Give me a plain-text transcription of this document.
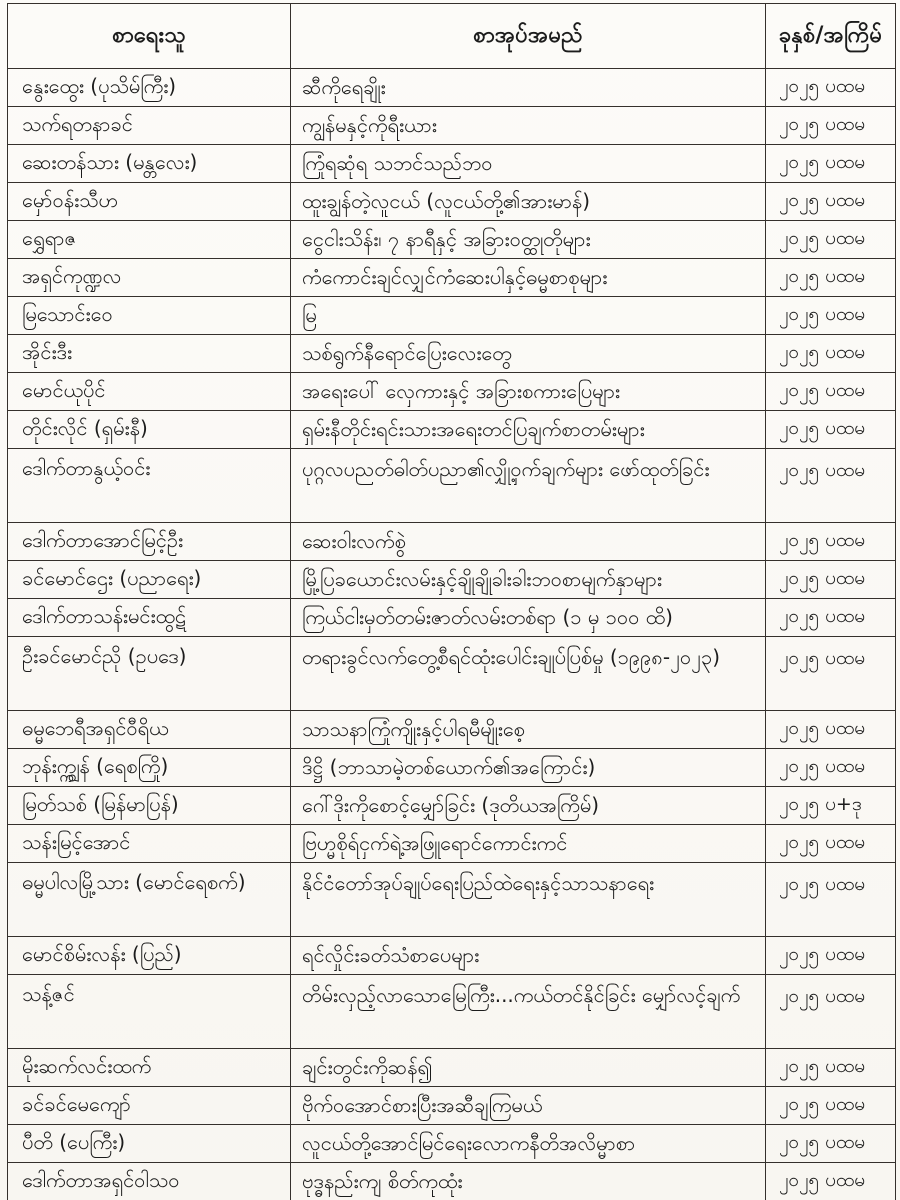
စာရေးသူ	စာအုပ်အမည်	ခုနှစ်/အကြိမ်
နွေးထွေး (ပုသိမ်ကြီး)	ဆီကိုရေချိုး	၂၀၂၅ ပထမ
သက်ရတနာခင်	ကျွန်မနှင့်ကိုရီးယား	၂၀၂၅ ပထမ
ဆေးတန်သား (မန္တလေး)	ကြုံရဆုံရ သဘင်သည်ဘဝ	၂၀၂၅ ပထမ
မှော်ဝန်းသီဟ	ထူးချွန်တဲ့လူငယ် (လူငယ်တို့၏အားမာန်)	၂၀၂၅ ပထမ
ရွှေရာဇ	ငွေငါးသိန်း၊ ၇ နာရီနှင့် အခြားဝတ္ထုတိုများ	၂၀၂၅ ပထမ
အရှင်ကုဏ္ဍလ	ကံကောင်းချင်လျှင်ကံဆေးပါနှင့်ဓမ္မစာစုများ	၂၀၂၅ ပထမ
မြသောင်းဝေ	မြ	၂၀၂၅ ပထမ
အိုင်းဒီး	သစ်ရွက်နီရောင်ပြေးလေးတွေ	၂၀၂၅ ပထမ
မောင်ယုပိုင်	အရေးပေါ် လှေကားနှင့် အခြားစကားပြေများ	၂၀၂၅ ပထမ
တိုင်းလိုင် (ရှမ်းနီ)	ရှမ်းနီတိုင်းရင်းသားအရေးတင်ပြချက်စာတမ်းများ	၂၀၂၅ ပထမ
ဒေါက်တာနွယ့်ဝင်း	ပုဂ္ဂလပညတ်ဓါတ်ပညာ၏လျှို့ဝှက်ချက်များ ဖော်ထုတ်ခြင်း	၂၀၂၅ ပထမ
ဒေါက်တာအောင်မြင့်ဦး	ဆေးဝါးလက်စွဲ	၂၀၂၅ ပထမ
ခင်မောင်ဌေး (ပညာရေး)	မြို့ပြခယောင်းလမ်းနှင့်ချိုချိုခါးခါးဘဝစာမျက်နှာများ	၂၀၂၅ ပထမ
ဒေါက်တာသန်းမင်းထွဋ်	ကြယ်ငါးမှတ်တမ်းဇာတ်လမ်းတစ်ရာ (၁ မှ ၁၀၀ ထိ)	၂၀၂၅ ပထမ
ဦးခင်မောင်ညို (ဥပဒေ)	တရားခွင်လက်တွေ့စီရင်ထုံးပေါင်းချုပ်ပြစ်မှု (၁၉၉၈-၂၀၂၃)	၂၀၂၅ ပထမ
ဓမ္မဘေရီအရှင်ဝီရိယ	သာသနာကြုံကျိုးနှင့်ပါရမီမျိုးစေ့	၂၀၂၅ ပထမ
ဘုန်းက္ကျွန် (ရေစကြို)	ဒိဋ္ဌိ (ဘာသာမဲ့တစ်ယောက်၏အကြောင်း)	၂၀၂၅ ပထမ
မြတ်သစ် (မြန်မာပြန်)	ဂေါ်ဒိုးကိုစောင့်မျှော်ခြင်း (ဒုတိယအကြိမ်)	၂၀၂၅ ပ+ဒု
သန်းမြင့်အောင်	ဗြဟ္မစိုရ်ငှက်ရဲ့အဖြူရောင်ကောင်းကင်	၂၀၂၅ ပထမ
ဓမ္မပါလမြို့သား (မောင်ရေစက်)	နိုင်ငံတော်အုပ်ချုပ်ရေးပြည်ထဲရေးနှင့်သာသနာရေး	၂၀၂၅ ပထမ
မောင်စိမ်းလန်း (ပြည်)	ရင်လှိုင်းခတ်သံစာပေများ	၂၀၂၅ ပထမ
သန့်ဇင်	တိမ်းလှည့်လာသောမြေကြီး...ကယ်တင်နိုင်ခြင်း မျှော်လင့်ချက်	၂၀၂၅ ပထမ
မိုးဆက်လင်းထက်	ချင်းတွင်းကိုဆန်၍	၂၀၂၅ ပထမ
ခင်ခင်မေကျော်	ဗိုက်ဝအောင်စားပြီးအဆီချကြမယ်	၂၀၂၅ ပထမ
ပီတိ (ပေကြီး)	လူငယ်တို့အောင်မြင်ရေးလောကနီတိအလိမ္မာစာ	၂၀၂၅ ပထမ
ဒေါက်တာအရှင်ဝါသဝ	ဗုဒ္ဓနည်းကျ စိတ်ကုထုံး	၂၀၂၅ ပထမ
